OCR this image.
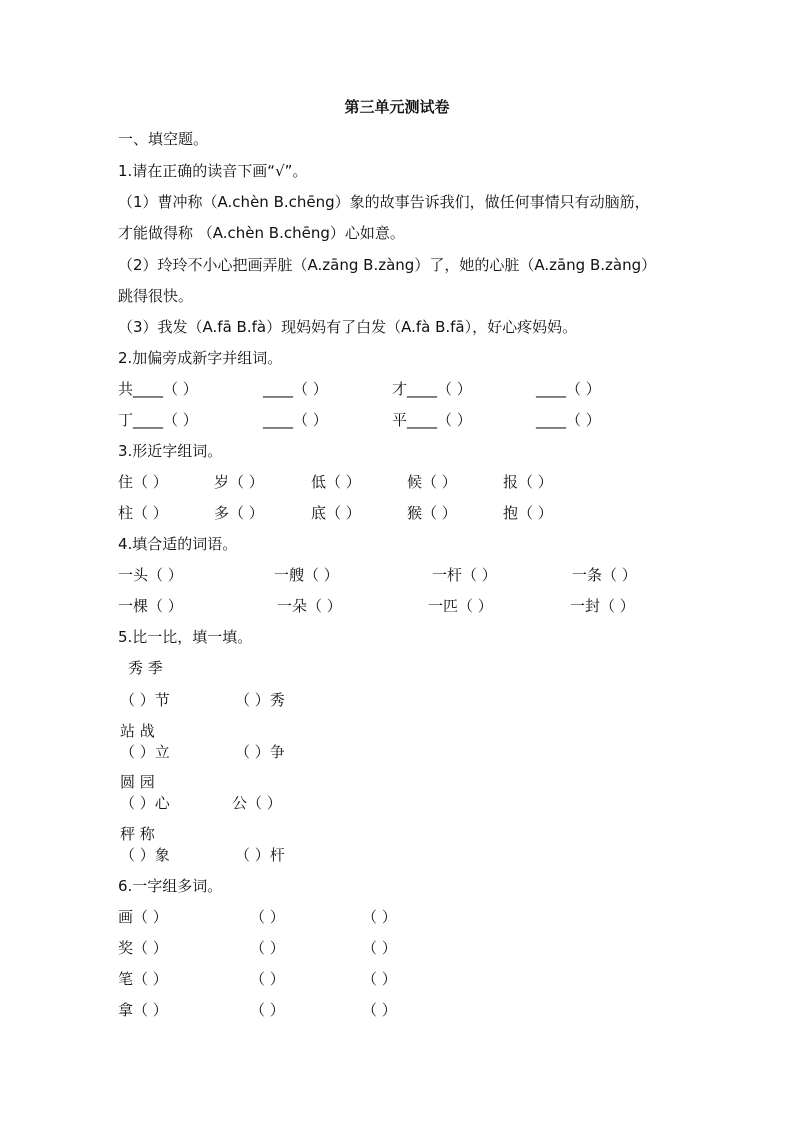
第三单元测试卷
一、填空题。
1.请在正确的读音下画“√”。
（1）曹冲称（A.chèn B.chēng）象的故事告诉我们，做任何事情只有动脑筋，
才能做得称 （A.chèn B.chēng）心如意。
（2）玲玲不小心把画弄脏（A.zāng B.zàng）了，她的心脏（A.zāng B.zàng）
跳得很快。
（3）我发（A.fā B.fà）现妈妈有了白发（A.fà B.fā），好心疼妈妈。
2.加偏旁成新字并组词。
共____（ ）	____（ ）	才____（ ）	____（ ）
丁____（ ）	____（ ）	平____（ ）	____（ ）
3.形近字组词。
住（ ）	岁（ ）	低（ ）	候（ ）	报（ ）
柱（ ）	多（ ）	底（ ）	猴（ ）	抱（ ）
4.填合适的词语。
一头（ ）	一艘（ ）	一杆（ ）	一条（ ）
一棵（ ）	一朵（ ）	一匹（ ）	一封（ ）
5.比一比，填一填。
秀 季
（ ）节	（ ）秀
站 战
（ ）立	（ ）争
圆 园
（ ）心	公（ ）
秤 称
（ ）象	（ ）杆
6.一字组多词。
画（ ）	（ ）	（ ）
奖（ ）	（ ）	（ ）
笔（ ）	（ ）	（ ）
拿（ ）	（ ）	（ ）
